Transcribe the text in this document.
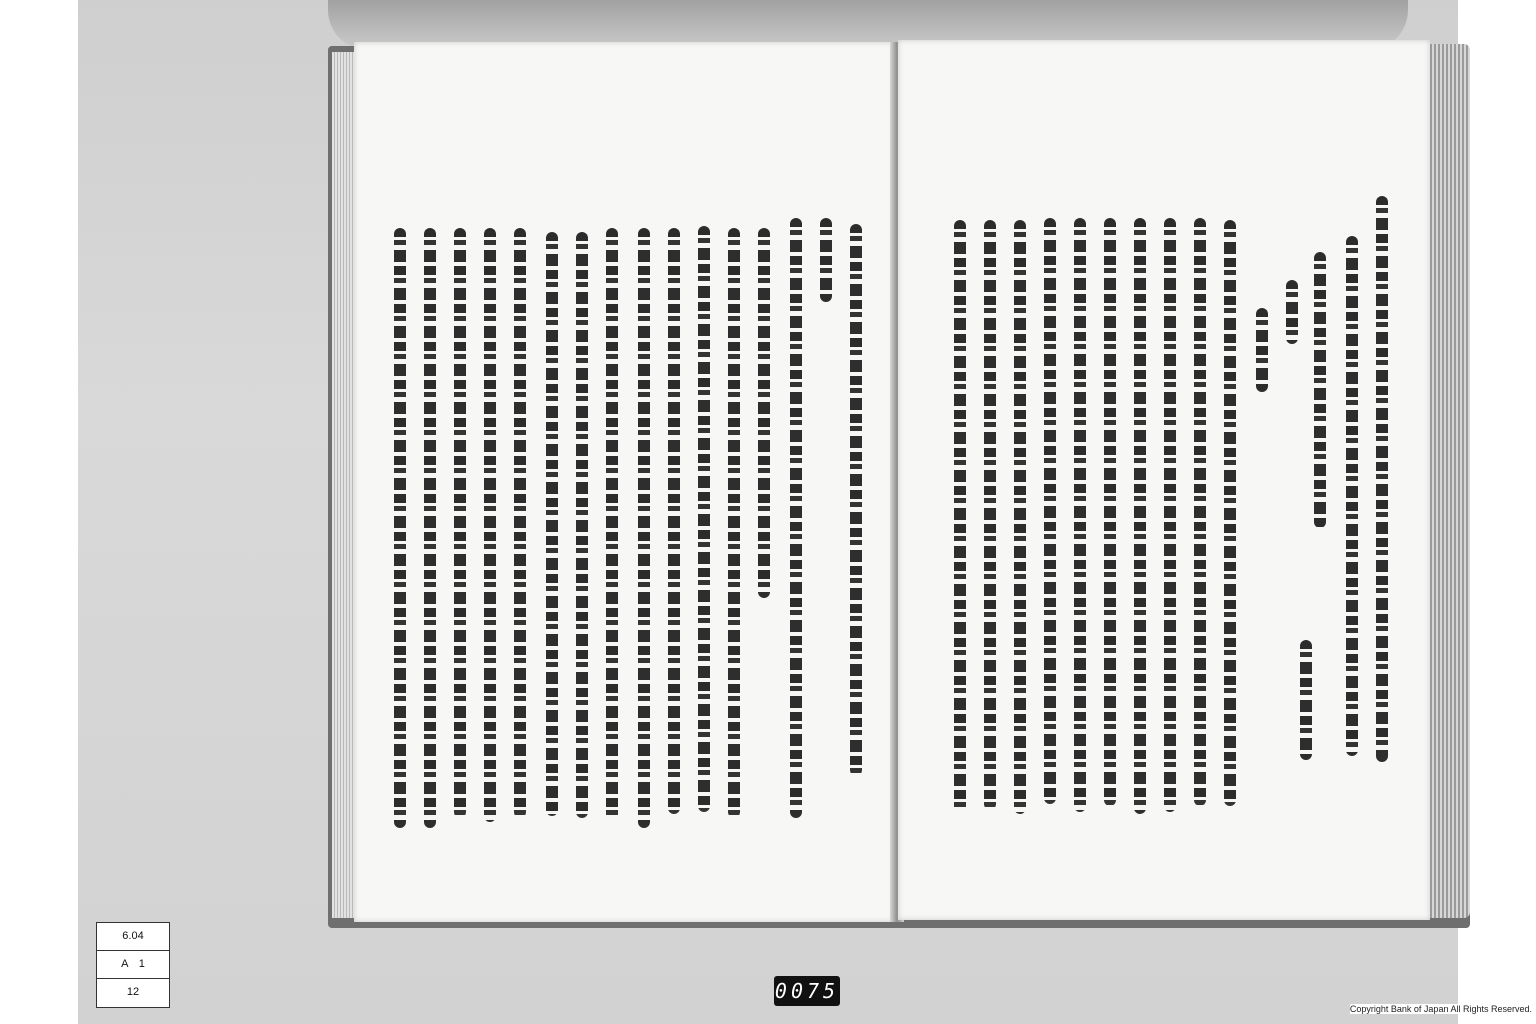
6.04
A　1
12	0075
Copyright Bank of Japan All Rights Reserved.
